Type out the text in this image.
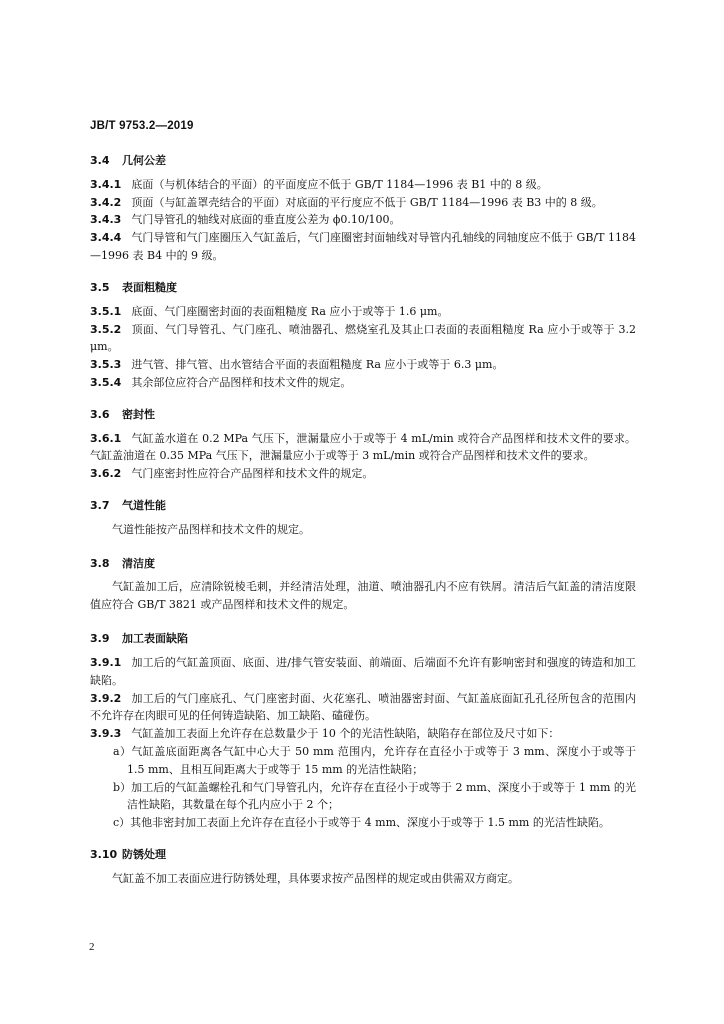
JB/T 9753.2—2019
3.4 几何公差

3.4.1 底面（与机体结合的平面）的平面度应不低于 GB/T 1184—1996 表 B1 中的 8 级。

3.4.2 顶面（与缸盖罩壳结合的平面）对底面的平行度应不低于 GB/T 1184—1996 表 B3 中的 8 级。

3.4.3 气门导管孔的轴线对底面的垂直度公差为 ϕ0.10/100。

3.4.4 气门导管和气门座圈压入气缸盖后，气门座圈密封面轴线对导管内孔轴线的同轴度应不低于 GB/T 1184—1996 表 B4 中的 9 级。

3.5 表面粗糙度

3.5.1 底面、气门座圈密封面的表面粗糙度 Ra 应小于或等于 1.6 μm。

3.5.2 顶面、气门导管孔、气门座孔、喷油器孔、燃烧室孔及其止口表面的表面粗糙度 Ra 应小于或等于 3.2 μm。

3.5.3 进气管、排气管、出水管结合平面的表面粗糙度 Ra 应小于或等于 6.3 μm。

3.5.4 其余部位应符合产品图样和技术文件的规定。

3.6 密封性

3.6.1 气缸盖水道在 0.2 MPa 气压下，泄漏量应小于或等于 4 mL/min 或符合产品图样和技术文件的要求。气缸盖油道在 0.35 MPa 气压下，泄漏量应小于或等于 3 mL/min 或符合产品图样和技术文件的要求。

3.6.2 气门座密封性应符合产品图样和技术文件的规定。

3.7 气道性能

气道性能按产品图样和技术文件的规定。

3.8 清洁度

气缸盖加工后，应清除锐棱毛刺，并经清洁处理，油道、喷油器孔内不应有铁屑。清洁后气缸盖的清洁度限值应符合 GB/T 3821 或产品图样和技术文件的规定。

3.9 加工表面缺陷

3.9.1 加工后的气缸盖顶面、底面、进/排气管安装面、前端面、后端面不允许有影响密封和强度的铸造和加工缺陷。

3.9.2 加工后的气门座底孔、气门座密封面、火花塞孔、喷油器密封面、气缸盖底面缸孔孔径所包含的范围内不允许存在肉眼可见的任何铸造缺陷、加工缺陷、磕碰伤。

3.9.3 气缸盖加工表面上允许存在总数量少于 10 个的光洁性缺陷，缺陷存在部位及尺寸如下：

a）气缸盖底面距离各气缸中心大于 50 mm 范围内，允许存在直径小于或等于 3 mm、深度小于或等于 1.5 mm、且相互间距离大于或等于 15 mm 的光洁性缺陷；

b）加工后的气缸盖螺栓孔和气门导管孔内，允许存在直径小于或等于 2 mm、深度小于或等于 1 mm 的光洁性缺陷，其数量在每个孔内应小于 2 个；

c）其他非密封加工表面上允许存在直径小于或等于 4 mm、深度小于或等于 1.5 mm 的光洁性缺陷。

3.10 防锈处理

气缸盖不加工表面应进行防锈处理，具体要求按产品图样的规定或由供需双方商定。

2
